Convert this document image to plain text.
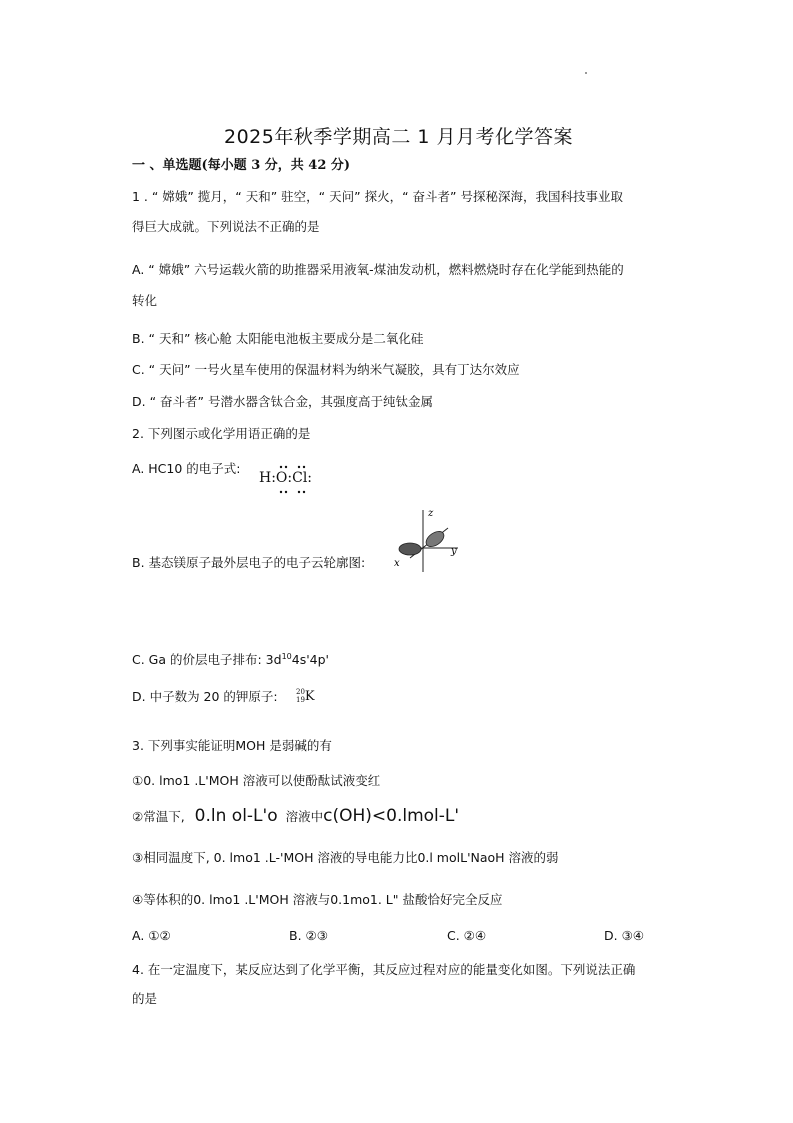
2025年秋季学期高二 1 月月考化学答案
一 、单选题(每小题 3 分，共 42 分)
1 . “ 嫦娥” 揽月，“ 天和” 驻空，“ 天问” 探火，“ 奋斗者” 号探秘深海，我国科技事业取
得巨大成就。下列说法不正确的是
A. “ 嫦娥” 六号运载火箭的助推器采用液氧-煤油发动机，燃料燃烧时存在化学能到热能的
转化
B. “ 天和” 核心舱 太阳能电池板主要成分是二氧化硅
C. “ 天问” 一号火星车使用的保温材料为纳米气凝胶，具有丁达尔效应
D. “ 奋斗者” 号潜水器含钛合金，其强度高于纯钛金属
2. 下列图示或化学用语正确的是
A. HC10 的电子式:
H:O:Cl:
B. 基态镁原子最外层电子的电子云轮廓图:
z
y
x
C. Ga 的价层电子排布: $3d^{10}4s'4p'$
D. 中子数为 20 的钾原子:	20
19K
3. 下列事实能证明MOH 是弱碱的有
①0. lmo1 .L'MOH 溶液可以使酚酞试液变红
②常温下, 0.ln ol-L'o 溶液中c(OH)<0.lmol-L'
③相同温度下, 0. lmo1 .L-'MOH 溶液的导电能力比0.l molL'NaoH 溶液的弱
④等体积的0. lmo1 .L'MOH 溶液与0.1mo1. L" 盐酸恰好完全反应
A. ①②	B. ②③	C. ②④	D. ③④
4. 在一定温度下，某反应达到了化学平衡，其反应过程对应的能量变化如图。下列说法正确
的是
